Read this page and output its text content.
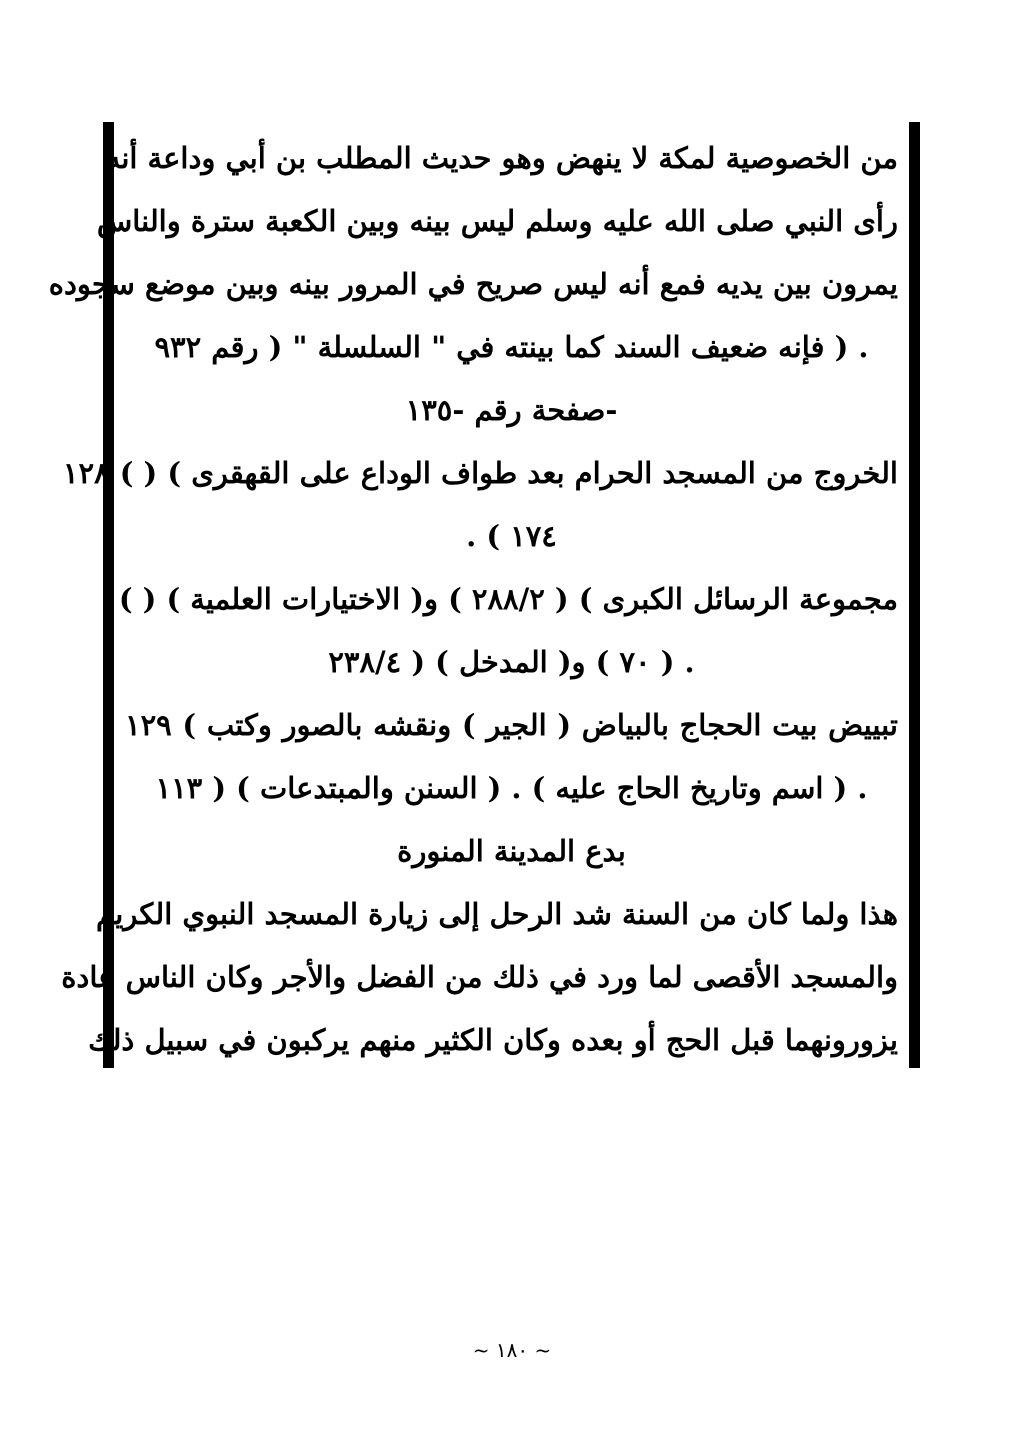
من الخصوصية لمكة لا ينهض وهو حديث المطلب بن أبي وداعة أنه
رأى النبي صلى الله عليه وسلم ليس بينه وبين الكعبة سترة والناس
يمرون بين يديه فمع أنه ليس صريح في المرور بينه وبين موضع سجوده
. ( فإنه ضعيف السند كما بينته في " السلسلة " ( رقم ٩٣٢
-صفحة رقم -١٣٥
الخروج من المسجد الحرام بعد طواف الوداع على القهقرى ) ( ) ١٢٨
. ( ١٧٤
مجموعة الرسائل الكبرى ) ( ٢٨٨/٢ ) و( الاختيارات العلمية ) ( )
. ( ٧٠ ) و( المدخل ) ( ٢٣٨/٤
تبييض بيت الحجاج بالبياض ( الجير ) ونقشه بالصور وكتب ) ١٢٩
. ( اسم وتاريخ الحاج عليه ) . ( السنن والمبتدعات ) ( ١١٣
بدع المدينة المنورة
هذا ولما كان من السنة شد الرحل إلى زيارة المسجد النبوي الكريم
والمسجد الأقصى لما ورد في ذلك من الفضل والأجر وكان الناس عادة
يزورونهما قبل الحج أو بعده وكان الكثير منهم يركبون في سبيل ذلك
~ ١٨٠ ~
